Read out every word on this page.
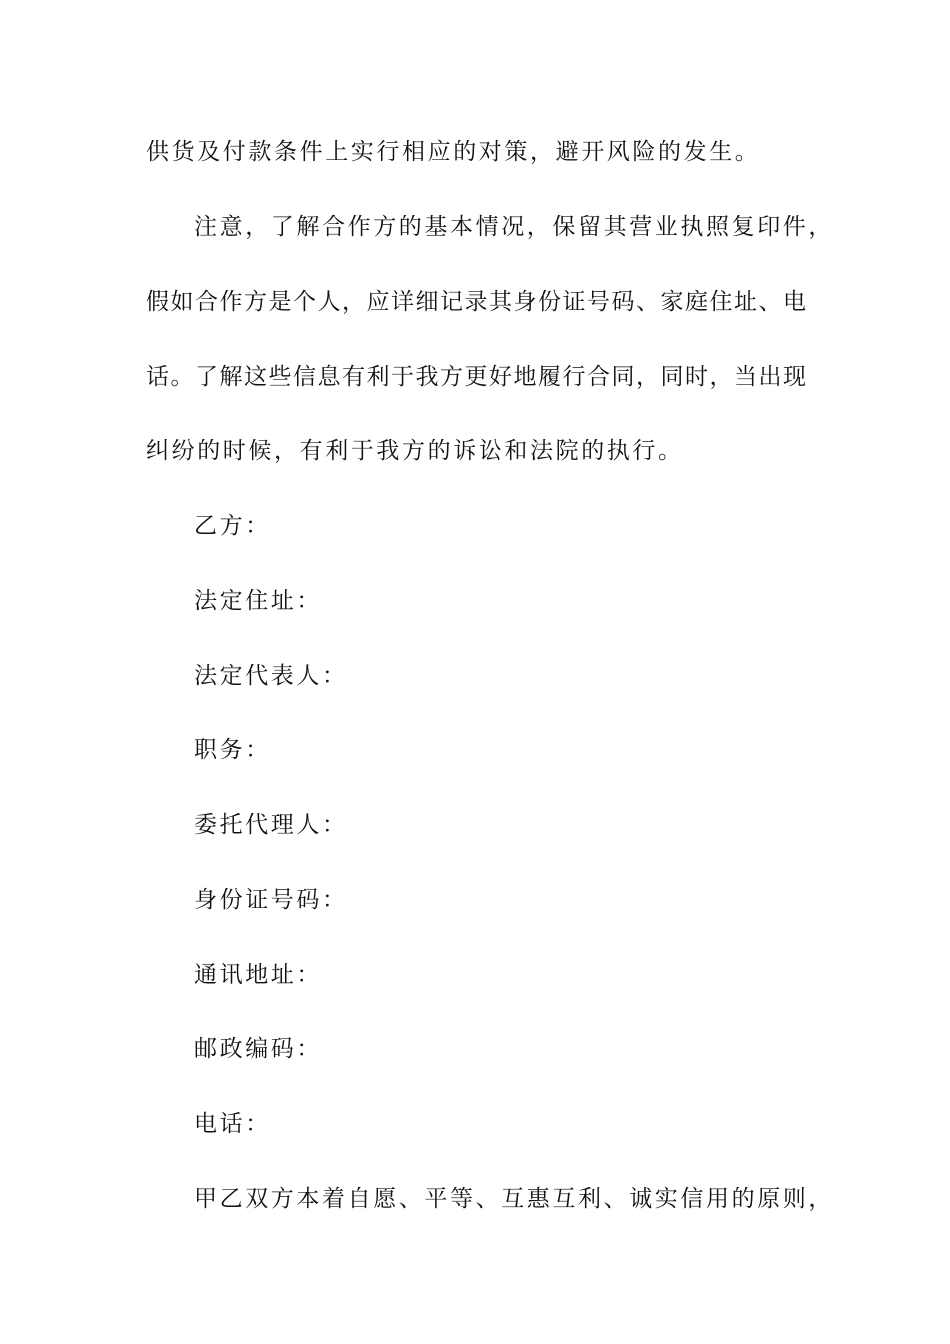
供货及付款条件上实行相应的对策，避开风险的发生。
注意，了解合作方的基本情况，保留其营业执照复印件，
假如合作方是个人，应详细记录其身份证号码、家庭住址、电
话。了解这些信息有利于我方更好地履行合同，同时，当出现
纠纷的时候，有利于我方的诉讼和法院的执行。
乙方：
法定住址：
法定代表人：
职务：
委托代理人：
身份证号码：
通讯地址：
邮政编码：
电话：
甲乙双方本着自愿、平等、互惠互利、诚实信用的原则，
